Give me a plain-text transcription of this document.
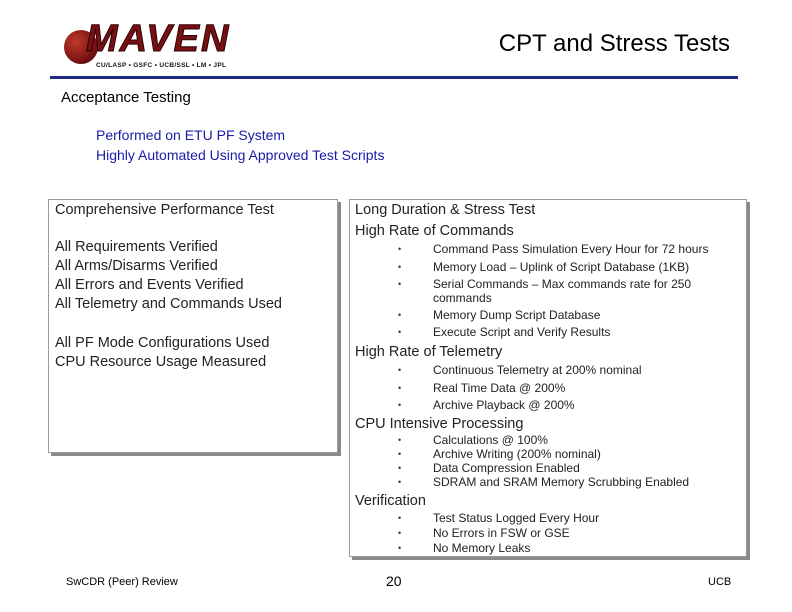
MAVEN
CU/LASP • GSFC • UCB/SSL • LM • JPL
CPT and Stress Tests
Acceptance Testing
Performed on ETU PF System
Highly Automated Using Approved Test Scripts
Comprehensive Performance Test
All Requirements Verified
All Arms/Disarms Verified
All Errors and Events Verified
All Telemetry and Commands Used
All PF Mode Configurations Used
CPU Resource Usage Measured
Long Duration & Stress Test
High Rate of Commands
•	Command Pass Simulation Every Hour for 72 hours
•	Memory Load – Uplink of Script Database (1KB)
•	Serial Commands – Max commands rate for 250
commands
•	Memory Dump Script Database
•	Execute Script and Verify Results
High Rate of Telemetry
•	Continuous Telemetry at 200% nominal
•	Real Time Data @ 200%
•	Archive Playback @ 200%
CPU Intensive Processing
•	Calculations @ 100%
•	Archive Writing (200% nominal)
•	Data Compression Enabled
•	SDRAM and SRAM Memory Scrubbing Enabled
Verification
•	Test Status Logged Every Hour
•	No Errors in FSW or GSE
•	No Memory Leaks
SwCDR (Peer) Review	20	UCB
